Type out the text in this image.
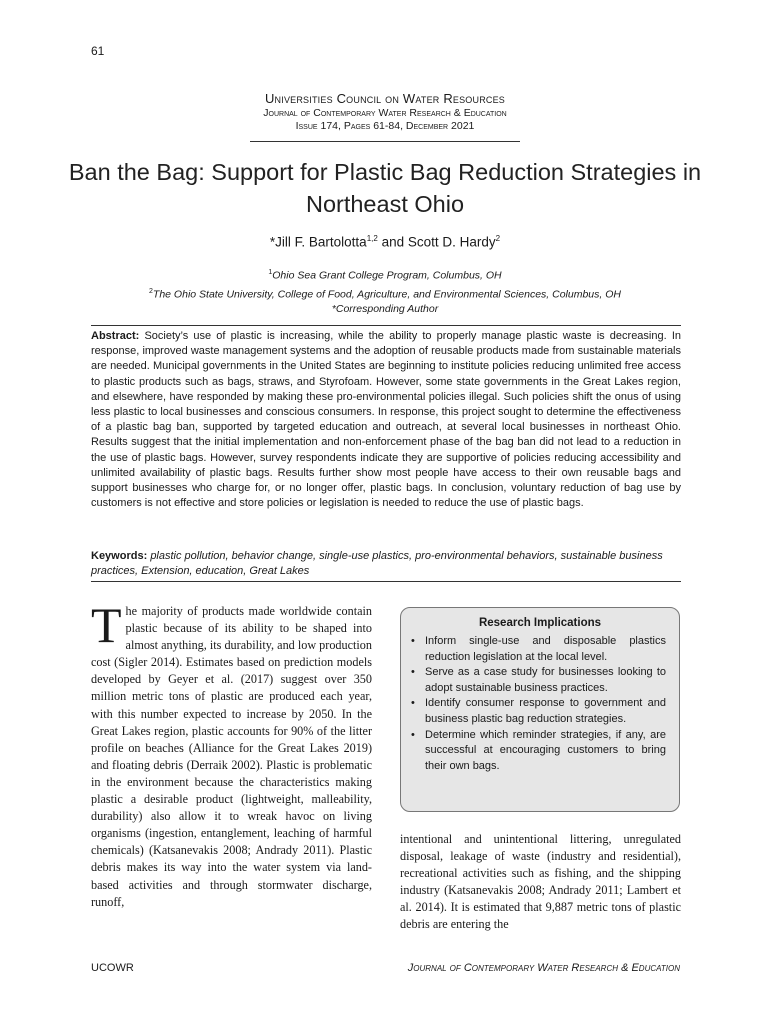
61
Universities Council on Water Resources
Journal of Contemporary Water Research & Education
Issue 174, Pages 61-84, December 2021
Ban the Bag: Support for Plastic Bag Reduction Strategies in Northeast Ohio
*Jill F. Bartolotta$^{1,2}$ and Scott D. Hardy$^2$
$^1$Ohio Sea Grant College Program, Columbus, OH
$^2$The Ohio State University, College of Food, Agriculture, and Environmental Sciences, Columbus, OH
*Corresponding Author
Abstract: Society’s use of plastic is increasing, while the ability to properly manage plastic waste is decreasing. In response, improved waste management systems and the adoption of reusable products made from sustainable materials are needed. Municipal governments in the United States are beginning to institute policies reducing unlimited free access to plastic products such as bags, straws, and Styrofoam. However, some state governments in the Great Lakes region, and elsewhere, have responded by making these pro-environmental policies illegal. Such policies shift the onus of using less plastic to local businesses and conscious consumers. In response, this project sought to determine the effectiveness of a plastic bag ban, supported by targeted education and outreach, at several local businesses in northeast Ohio. Results suggest that the initial implementation and non-enforcement phase of the bag ban did not lead to a reduction in the use of plastic bags. However, survey respondents indicate they are supportive of policies reducing accessibility and unlimited availability of plastic bags. Results further show most people have access to their own reusable bags and support businesses who charge for, or no longer offer, plastic bags. In conclusion, voluntary reduction of bag use by customers is not effective and store policies or legislation is needed to reduce the use of plastic bags.
Keywords: plastic pollution, behavior change, single-use plastics, pro-environmental behaviors, sustainable business practices, Extension, education, Great Lakes
The majority of products made worldwide contain plastic because of its ability to be shaped into almost anything, its durability, and low production cost (Sigler 2014). Estimates based on prediction models developed by Geyer et al. (2017) suggest over 350 million metric tons of plastic are produced each year, with this number expected to increase by 2050. In the Great Lakes region, plastic accounts for 90% of the litter profile on beaches (Alliance for the Great Lakes 2019) and floating debris (Derraik 2002). Plastic is problematic in the environment because the characteristics making plastic a desirable product (lightweight, malleability, durability) also allow it to wreak havoc on living organisms (ingestion, entanglement, leaching of harmful chemicals) (Katsanevakis 2008; Andrady 2011). Plastic debris makes its way into the water system via land-based activities and through stormwater discharge, runoff,
Research Implications
• Inform single-use and disposable plastics reduction legislation at the local level.
• Serve as a case study for businesses looking to adopt sustainable business practices.
• Identify consumer response to government and business plastic bag reduction strategies.
• Determine which reminder strategies, if any, are successful at encouraging customers to bring their own bags.
intentional and unintentional littering, unregulated disposal, leakage of waste (industry and residential), recreational activities such as fishing, and the shipping industry (Katsanevakis 2008; Andrady 2011; Lambert et al. 2014). It is estimated that 9,887 metric tons of plastic debris are entering the
UCOWR	Journal of Contemporary Water Research & Education
